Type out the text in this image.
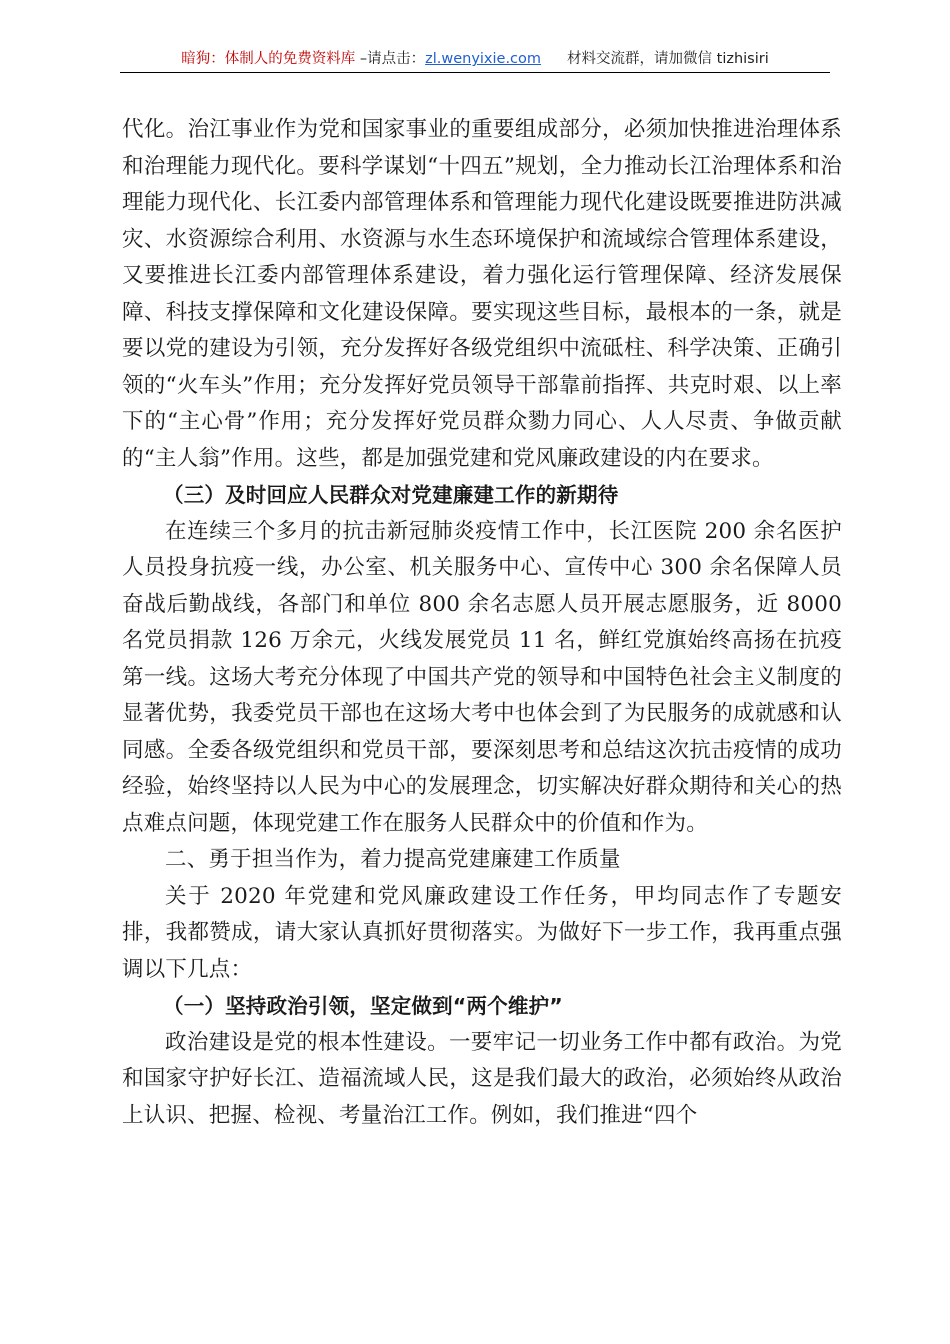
暗狗：体制人的免费资料库 –请点击：zl.wenyixie.com 材料交流群，请加微信 tizhisiri

代化。治江事业作为党和国家事业的重要组成部分，必须加快推进治理体系和治理能力现代化。要科学谋划“十四五”规划，全力推动长江治理体系和治理能力现代化、长江委内部管理体系和管理能力现代化建设既要推进防洪减灾、水资源综合利用、水资源与水生态环境保护和流域综合管理体系建设，又要推进长江委内部管理体系建设，着力强化运行管理保障、经济发展保障、科技支撑保障和文化建设保障。要实现这些目标，最根本的一条，就是要以党的建设为引领，充分发挥好各级党组织中流砥柱、科学决策、正确引领的“火车头”作用；充分发挥好党员领导干部靠前指挥、共克时艰、以上率下的“主心骨”作用；充分发挥好党员群众勠力同心、人人尽责、争做贡献的“主人翁”作用。这些，都是加强党建和党风廉政建设的内在要求。

（三）及时回应人民群众对党建廉建工作的新期待

在连续三个多月的抗击新冠肺炎疫情工作中，长江医院 200 余名医护人员投身抗疫一线，办公室、机关服务中心、宣传中心 300 余名保障人员奋战后勤战线，各部门和单位 800 余名志愿人员开展志愿服务，近 8000 名党员捐款 126 万余元，火线发展党员 11 名，鲜红党旗始终高扬在抗疫第一线。这场大考充分体现了中国共产党的领导和中国特色社会主义制度的显著优势，我委党员干部也在这场大考中也体会到了为民服务的成就感和认同感。全委各级党组织和党员干部，要深刻思考和总结这次抗击疫情的成功经验，始终坚持以人民为中心的发展理念，切实解决好群众期待和关心的热点难点问题，体现党建工作在服务人民群众中的价值和作为。

二、勇于担当作为，着力提高党建廉建工作质量

关于 2020 年党建和党风廉政建设工作任务，甲均同志作了专题安排，我都赞成，请大家认真抓好贯彻落实。为做好下一步工作，我再重点强调以下几点：

（一）坚持政治引领，坚定做到“两个维护”

政治建设是党的根本性建设。一要牢记一切业务工作中都有政治。为党和国家守护好长江、造福流域人民，这是我们最大的政治，必须始终从政治上认识、把握、检视、考量治江工作。例如，我们推进“四个
